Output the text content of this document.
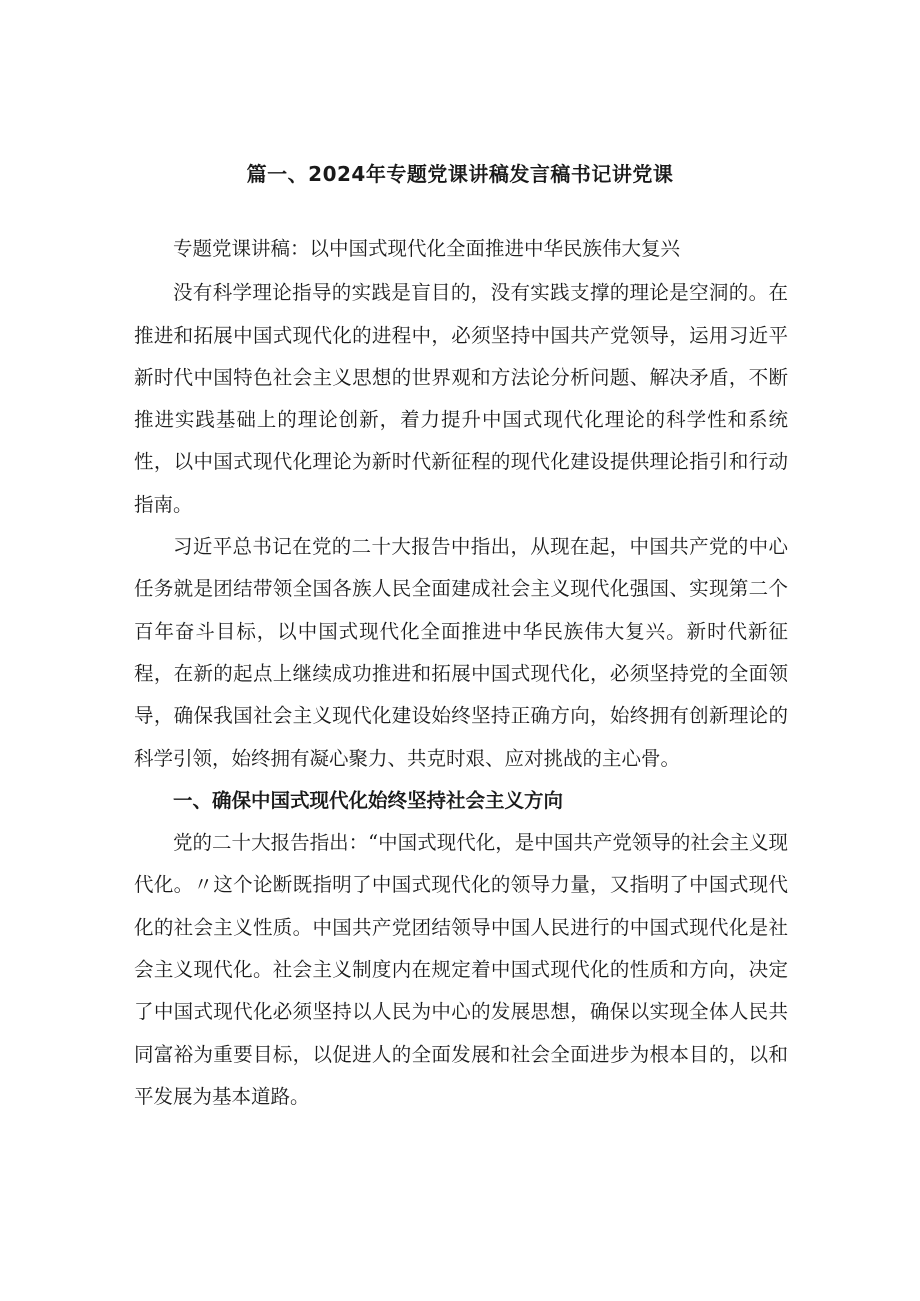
篇一、2024年专题党课讲稿发言稿书记讲党课

专题党课讲稿：以中国式现代化全面推进中华民族伟大复兴

没有科学理论指导的实践是盲目的，没有实践支撑的理论是空洞的。在推进和拓展中国式现代化的进程中，必须坚持中国共产党领导，运用习近平新时代中国特色社会主义思想的世界观和方法论分析问题、解决矛盾，不断推进实践基础上的理论创新，着力提升中国式现代化理论的科学性和系统性，以中国式现代化理论为新时代新征程的现代化建设提供理论指引和行动指南。

习近平总书记在党的二十大报告中指出，从现在起，中国共产党的中心任务就是团结带领全国各族人民全面建成社会主义现代化强国、实现第二个百年奋斗目标，以中国式现代化全面推进中华民族伟大复兴。新时代新征程，在新的起点上继续成功推进和拓展中国式现代化，必须坚持党的全面领导，确保我国社会主义现代化建设始终坚持正确方向，始终拥有创新理论的科学引领，始终拥有凝心聚力、共克时艰、应对挑战的主心骨。

一、确保中国式现代化始终坚持社会主义方向

党的二十大报告指出：“中国式现代化，是中国共产党领导的社会主义现代化。〃这个论断既指明了中国式现代化的领导力量，又指明了中国式现代化的社会主义性质。中国共产党团结领导中国人民进行的中国式现代化是社会主义现代化。社会主义制度内在规定着中国式现代化的性质和方向，决定了中国式现代化必须坚持以人民为中心的发展思想，确保以实现全体人民共同富裕为重要目标，以促进人的全面发展和社会全面进步为根本目的，以和平发展为基本道路。
